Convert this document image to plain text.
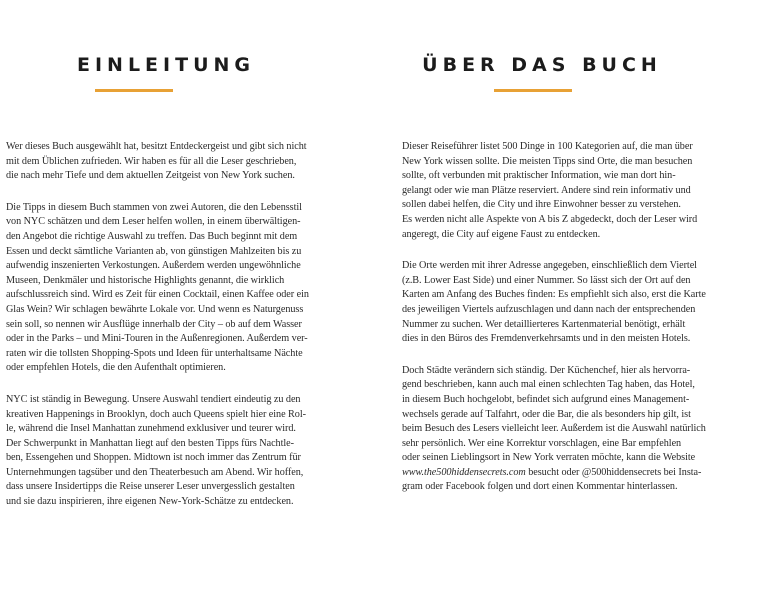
EINLEITUNG

Wer dieses Buch ausgewählt hat, besitzt Entdeckergeist und gibt sich nicht
mit dem Üblichen zufrieden. Wir haben es für all die Leser geschrieben,
die nach mehr Tiefe und dem aktuellen Zeitgeist von New York suchen.

Die Tipps in diesem Buch stammen von zwei Autoren, die den Lebensstil
von NYC schätzen und dem Leser helfen wollen, in einem überwältigen-
den Angebot die richtige Auswahl zu treffen. Das Buch beginnt mit dem
Essen und deckt sämtliche Varianten ab, von günstigen Mahlzeiten bis zu
aufwendig inszenierten Verkostungen. Außerdem werden ungewöhnliche
Museen, Denkmäler und historische Highlights genannt, die wirklich
aufschlussreich sind. Wird es Zeit für einen Cocktail, einen Kaffee oder ein
Glas Wein? Wir schlagen bewährte Lokale vor. Und wenn es Naturgenuss
sein soll, so nennen wir Ausflüge innerhalb der City – ob auf dem Wasser
oder in the Parks – und Mini-Touren in the Außenregionen. Außerdem ver-
raten wir die tollsten Shopping-Spots und Ideen für unterhaltsame Nächte
oder empfehlen Hotels, die den Aufenthalt optimieren.

NYC ist ständig in Bewegung. Unsere Auswahl tendiert eindeutig zu den
kreativen Happenings in Brooklyn, doch auch Queens spielt hier eine Rol-
le, während die Insel Manhattan zunehmend exklusiver und teurer wird.
Der Schwerpunkt in Manhattan liegt auf den besten Tipps fürs Nachtle-
ben, Essengehen und Shoppen. Midtown ist noch immer das Zentrum für
Unternehmungen tagsüber und den Theaterbesuch am Abend. Wir hoffen,
dass unsere Insidertipps die Reise unserer Leser unvergesslich gestalten
und sie dazu inspirieren, ihre eigenen New-York-Schätze zu entdecken.

ÜBER DAS BUCH

Dieser Reiseführer listet 500 Dinge in 100 Kategorien auf, die man über
New York wissen sollte. Die meisten Tipps sind Orte, die man besuchen
sollte, oft verbunden mit praktischer Information, wie man dort hin-
gelangt oder wie man Plätze reserviert. Andere sind rein informativ und
sollen dabei helfen, die City und ihre Einwohner besser zu verstehen.
Es werden nicht alle Aspekte von A bis Z abgedeckt, doch der Leser wird
angeregt, die City auf eigene Faust zu entdecken.

Die Orte werden mit ihrer Adresse angegeben, einschließlich dem Viertel
(z.B. Lower East Side) und einer Nummer. So lässt sich der Ort auf den
Karten am Anfang des Buches finden: Es empfiehlt sich also, erst die Karte
des jeweiligen Viertels aufzuschlagen und dann nach der entsprechenden
Nummer zu suchen. Wer detaillierteres Kartenmaterial benötigt, erhält
dies in den Büros des Fremdenverkehrsamts und in den meisten Hotels.

Doch Städte verändern sich ständig. Der Küchenchef, hier als hervorra-
gend beschrieben, kann auch mal einen schlechten Tag haben, das Hotel,
in diesem Buch hochgelobt, befindet sich aufgrund eines Management-
wechsels gerade auf Talfahrt, oder die Bar, die als besonders hip gilt, ist
beim Besuch des Lesers vielleicht leer. Außerdem ist die Auswahl natürlich
sehr persönlich. Wer eine Korrektur vorschlagen, eine Bar empfehlen
oder seinen Lieblingsort in New York verraten möchte, kann die Website
www.the500hiddensecrets.com besucht oder @500hiddensecrets bei Insta-
gram oder Facebook folgen und dort einen Kommentar hinterlassen.
